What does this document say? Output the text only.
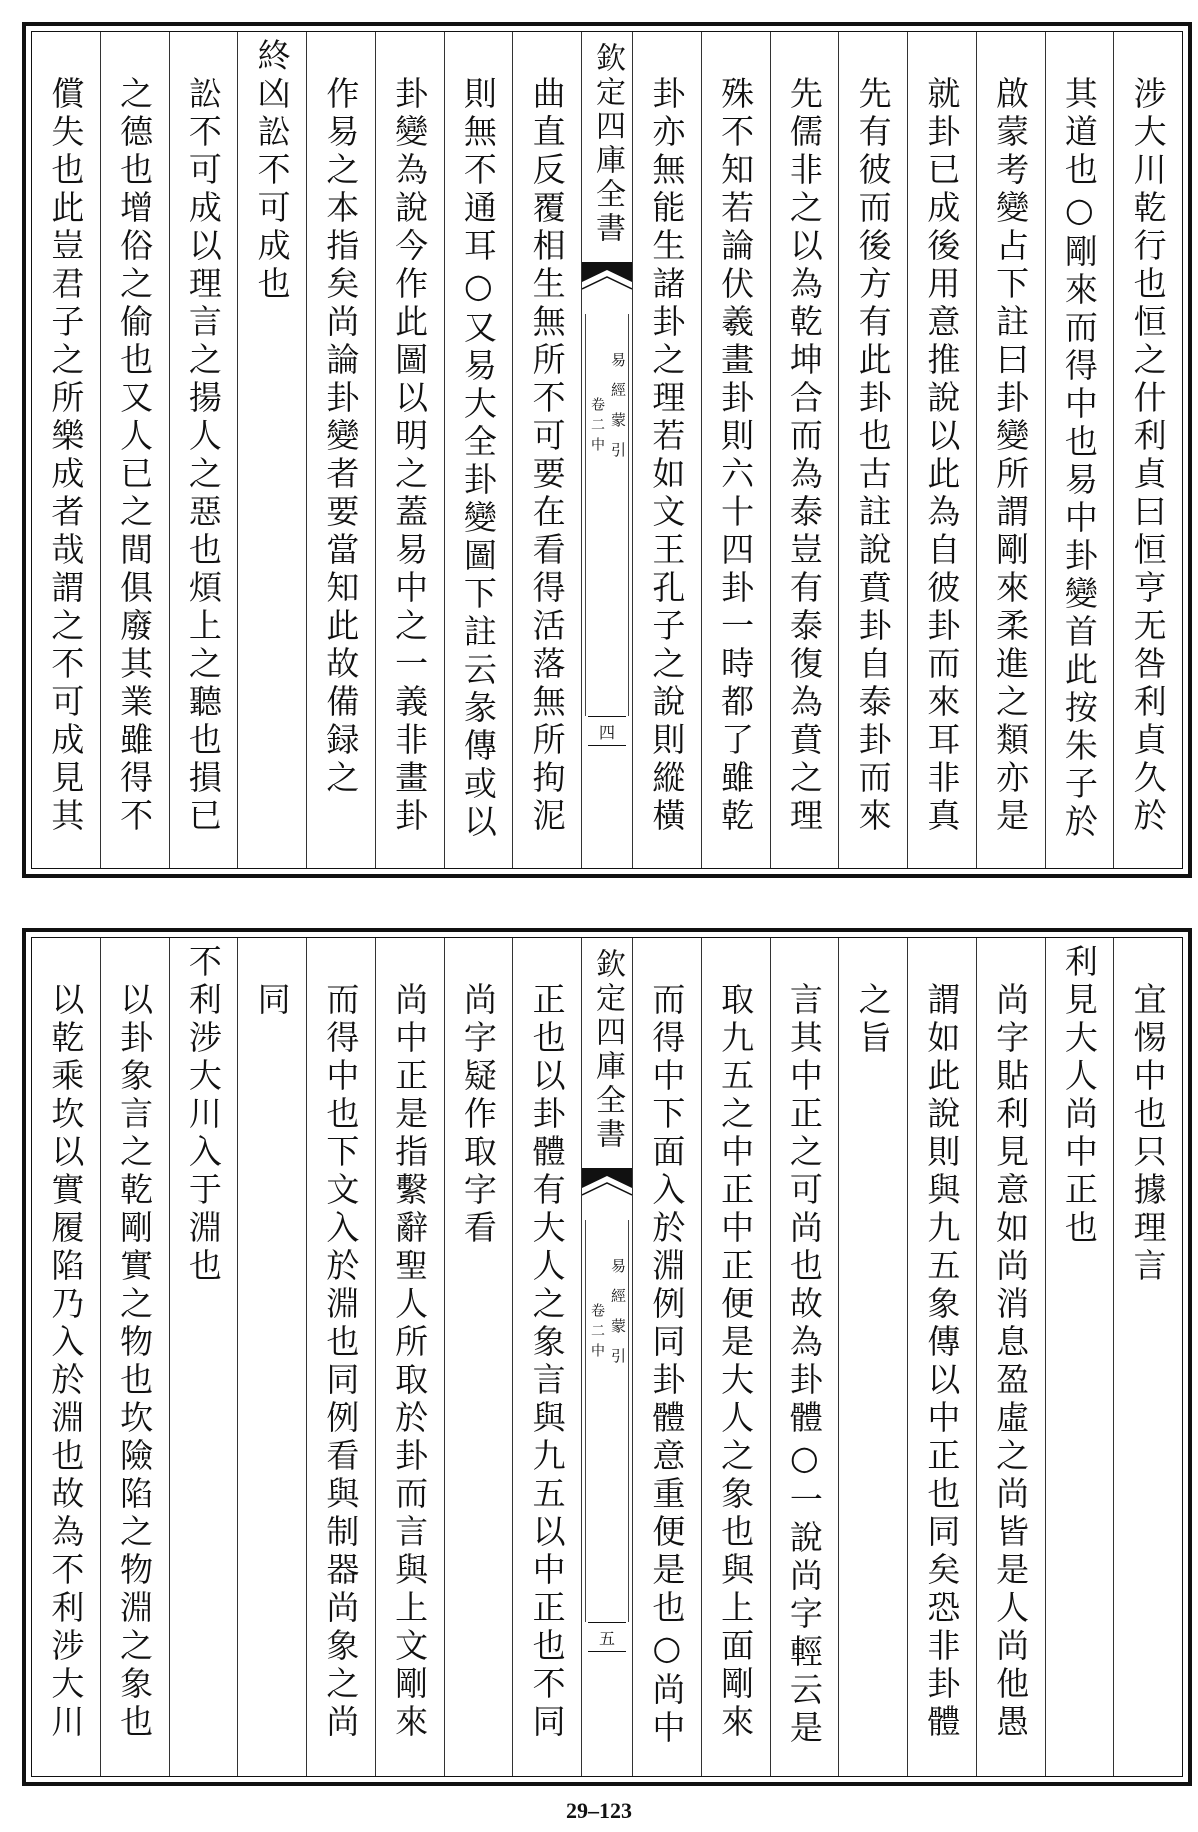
涉大川乾行也恒之什利貞曰恒亨无咎利貞久於
其道也○剛來而得中也易中卦變首此按朱子於
啟蒙考變占下註曰卦變所謂剛來柔進之類亦是
就卦已成後用意推說以此為自彼卦而來耳非真
先有彼而後方有此卦也古註說賁卦自泰卦而來
先儒非之以為乾坤合而為泰豈有泰復為賁之理
殊不知若論伏羲畫卦則六十四卦一時都了雖乾
卦亦無能生諸卦之理若如文王孔子之說則縱橫
欽定四庫全書
易經蒙引
卷二中
四
曲直反覆相生無所不可要在看得活落無所拘泥
則無不通耳○又易大全卦變圖下註云彖傳或以
卦變為說今作此圖以明之蓋易中之一義非畫卦
作易之本指矣尚論卦變者要當知此故備録之
終凶訟不可成也
訟不可成以理言之揚人之惡也煩上之聽也損已
之德也增俗之偷也又人已之間俱廢其業雖得不
償失也此豈君子之所樂成者哉謂之不可成見其
宜惕中也只據理言
利見大人尚中正也
尚字貼利見意如尚消息盈虛之尚皆是人尚他愚
謂如此說則與九五象傳以中正也同矣恐非卦體
之旨
言其中正之可尚也故為卦體○一說尚字輕云是
取九五之中正中正便是大人之象也與上面剛來
而得中下面入於淵例同卦體意重便是也○尚中
欽定四庫全書
易經蒙引
卷二中
五
正也以卦體有大人之象言與九五以中正也不同
尚字疑作取字看
尚中正是指繫辭聖人所取於卦而言與上文剛來
而得中也下文入於淵也同例看與制器尚象之尚
同
不利涉大川入于淵也
以卦象言之乾剛實之物也坎險陷之物淵之象也
以乾乘坎以實履陷乃入於淵也故為不利涉大川
29–123
